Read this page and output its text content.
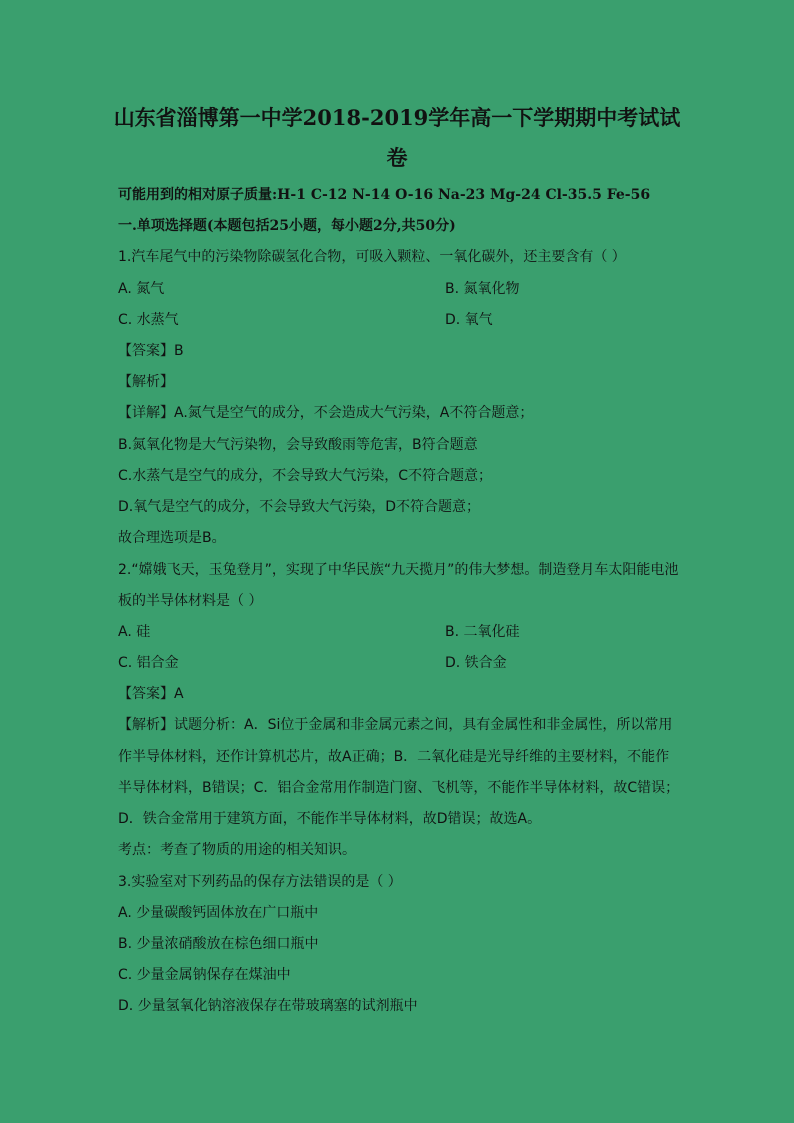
山东省淄博第一中学2018-2019学年高一下学期期中考试试
卷
可能用到的相对原子质量:H-1 C-12 N-14 O-16 Na-23 Mg-24 Cl-35.5 Fe-56
一.单项选择题(本题包括25小题，每小题2分,共50分)
1.汽车尾气中的污染物除碳氢化合物，可吸入颗粒、一氧化碳外，还主要含有（ ）
A. 氮气	B. 氮氧化物
C. 水蒸气	D. 氧气
【答案】B
【解析】
【详解】A.氮气是空气的成分，不会造成大气污染，A不符合题意；
B.氮氧化物是大气污染物，会导致酸雨等危害，B符合题意
C.水蒸气是空气的成分，不会导致大气污染，C不符合题意；
D.氧气是空气的成分，不会导致大气污染，D不符合题意；
故合理选项是B。
2.“嫦娥飞天，玉兔登月”，实现了中华民族“九天揽月”的伟大梦想。制造登月车太阳能电池
板的半导体材料是（ ）
A. 硅	B. 二氧化硅
C. 铝合金	D. 铁合金
【答案】A
【解析】试题分析：A．Si位于金属和非金属元素之间，具有金属性和非金属性，所以常用
作半导体材料，还作计算机芯片，故A正确；B．二氧化硅是光导纤维的主要材料，不能作
半导体材料，B错误；C．铝合金常用作制造门窗、飞机等，不能作半导体材料，故C错误；
D．铁合金常用于建筑方面，不能作半导体材料，故D错误；故选A。
考点：考查了物质的用途的相关知识。
3.实验室对下列药品的保存方法错误的是（ ）
A. 少量碳酸钙固体放在广口瓶中
B. 少量浓硝酸放在棕色细口瓶中
C. 少量金属钠保存在煤油中
D. 少量氢氧化钠溶液保存在带玻璃塞的试剂瓶中
